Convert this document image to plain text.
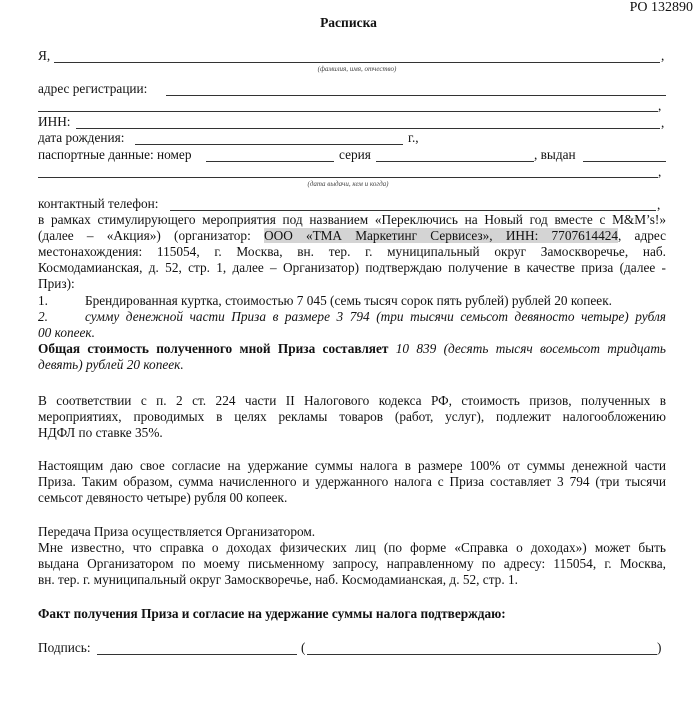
PO 132890
Расписка
Я,	,
(фамилия, имя, отчество)
адрес регистрации:
,
ИНН:	,
дата рождения:	г.,
паспортные данные: номер	серия	, выдан
,
(дата выдачи, кем и когда)
контактный телефон:	,
в рамках стимулирующего мероприятия под названием «Переключись на Новый год вместе с M&M’s!»
(далее – «Акция») (организатор: ООО «ТМА Маркетинг Сервисез», ИНН: 7707614424, адрес
местонахождения: 115054, г. Москва, вн. тер. г. муниципальный округ Замоскворечье, наб.
Космодамианская, д. 52, стр. 1, далее – Организатор) подтверждаю получение в качестве приза (далее -
Приз):
1.	Брендированная куртка, стоимостью 7 045 (семь тысяч сорок пять рублей) рублей 20 копеек.
2.	сумму денежной части Приза в размере 3 794 (три тысячи семьсот девяносто четыре) рубля
00 копеек.
Общая стоимость полученного мной Приза составляет 10 839 (десять тысяч восемьсот тридцать
девять) рублей 20 копеек.
В соответствии с п. 2 ст. 224 части II Налогового кодекса РФ, стоимость призов, полученных в
мероприятиях, проводимых в целях рекламы товаров (работ, услуг), подлежит налогообложению
НДФЛ по ставке 35%.
Настоящим даю свое согласие на удержание суммы налога в размере 100% от суммы денежной части
Приза. Таким образом, сумма начисленного и удержанного налога с Приза составляет 3 794 (три тысячи
семьсот девяносто четыре) рубля 00 копеек.
Передача Приза осуществляется Организатором.
Мне известно, что справка о доходах физических лиц (по форме «Справка о доходах») может быть
выдана Организатором по моему письменному запросу, направленному по адресу: 115054, г. Москва,
вн. тер. г. муниципальный округ Замоскворечье, наб. Космодамианская, д. 52, стр. 1.
Факт получения Приза и согласие на удержание суммы налога подтверждаю:
Подпись:	(	)
